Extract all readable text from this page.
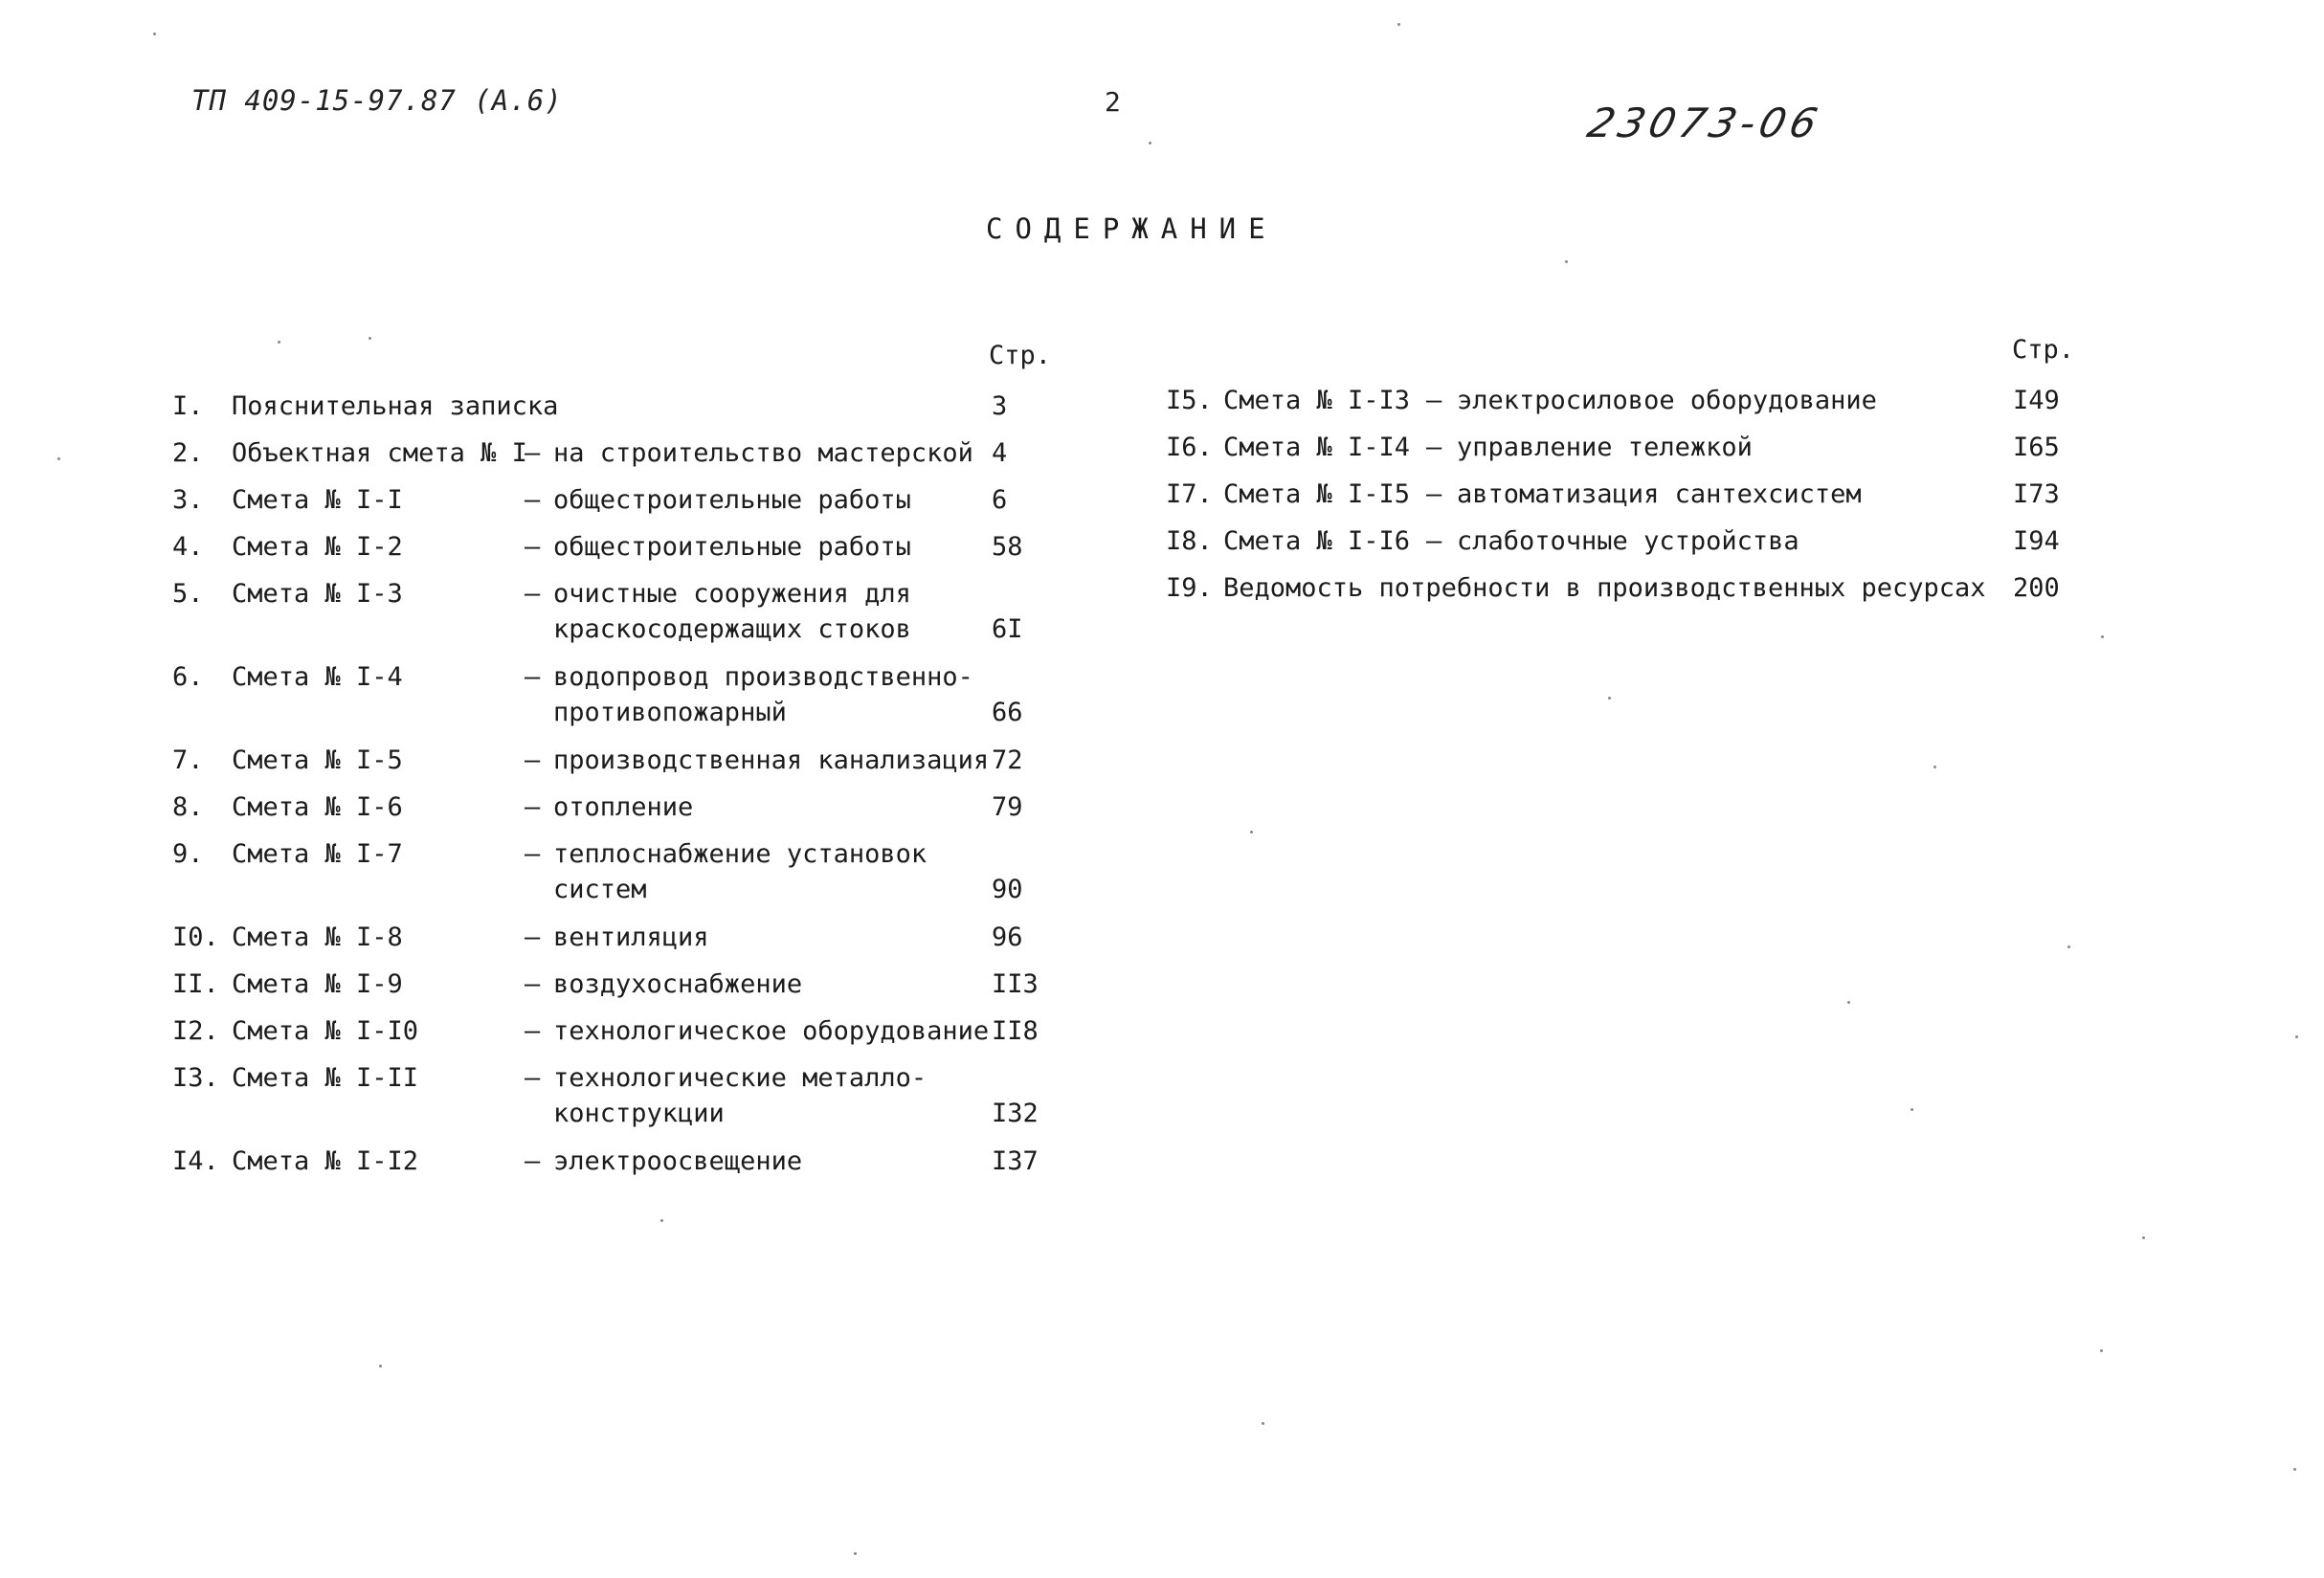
ТП 409-15-97.87 (А.6)	2	23073-06
СОДЕРЖАНИЕ
Стр.
I.	Пояснительная записка	3
2.	Объектная смета № I
– на строительство мастерской 4
3.	Смета № I-I	– общестроительные работы	6
4.	Смета № I-2	– общестроительные работы	58
5.	Смета № I-3	– очистные сооружения для
краскосодержащих стоков	6I
6.	Смета № I-4	– водопровод производственно-
противопожарный	66
7.	Смета № I-5	– производственная канализация 72
8.	Смета № I-6	– отопление	79
9.	Смета № I-7	– теплоснабжение установок
систем	90
I0. Смета № I-8	– вентиляция	96
II. Смета № I-9	– воздухоснабжение	II3
I2. Смета № I-I0	– технологическое оборудование II8
I3. Смета № I-II	– технологические металло-
конструкции	I32
I4. Смета № I-I2	– электроосвещение	I37
Стр.
I5. Смета № I-I3 – электросиловое оборудование	I49
I6. Смета № I-I4 – управление тележкой	I65
I7. Смета № I-I5 – автоматизация сантехсистем	I73
I8. Смета № I-I6 – слаботочные устройства	I94
I9. Ведомость потребности в производственных ресурсах 200
